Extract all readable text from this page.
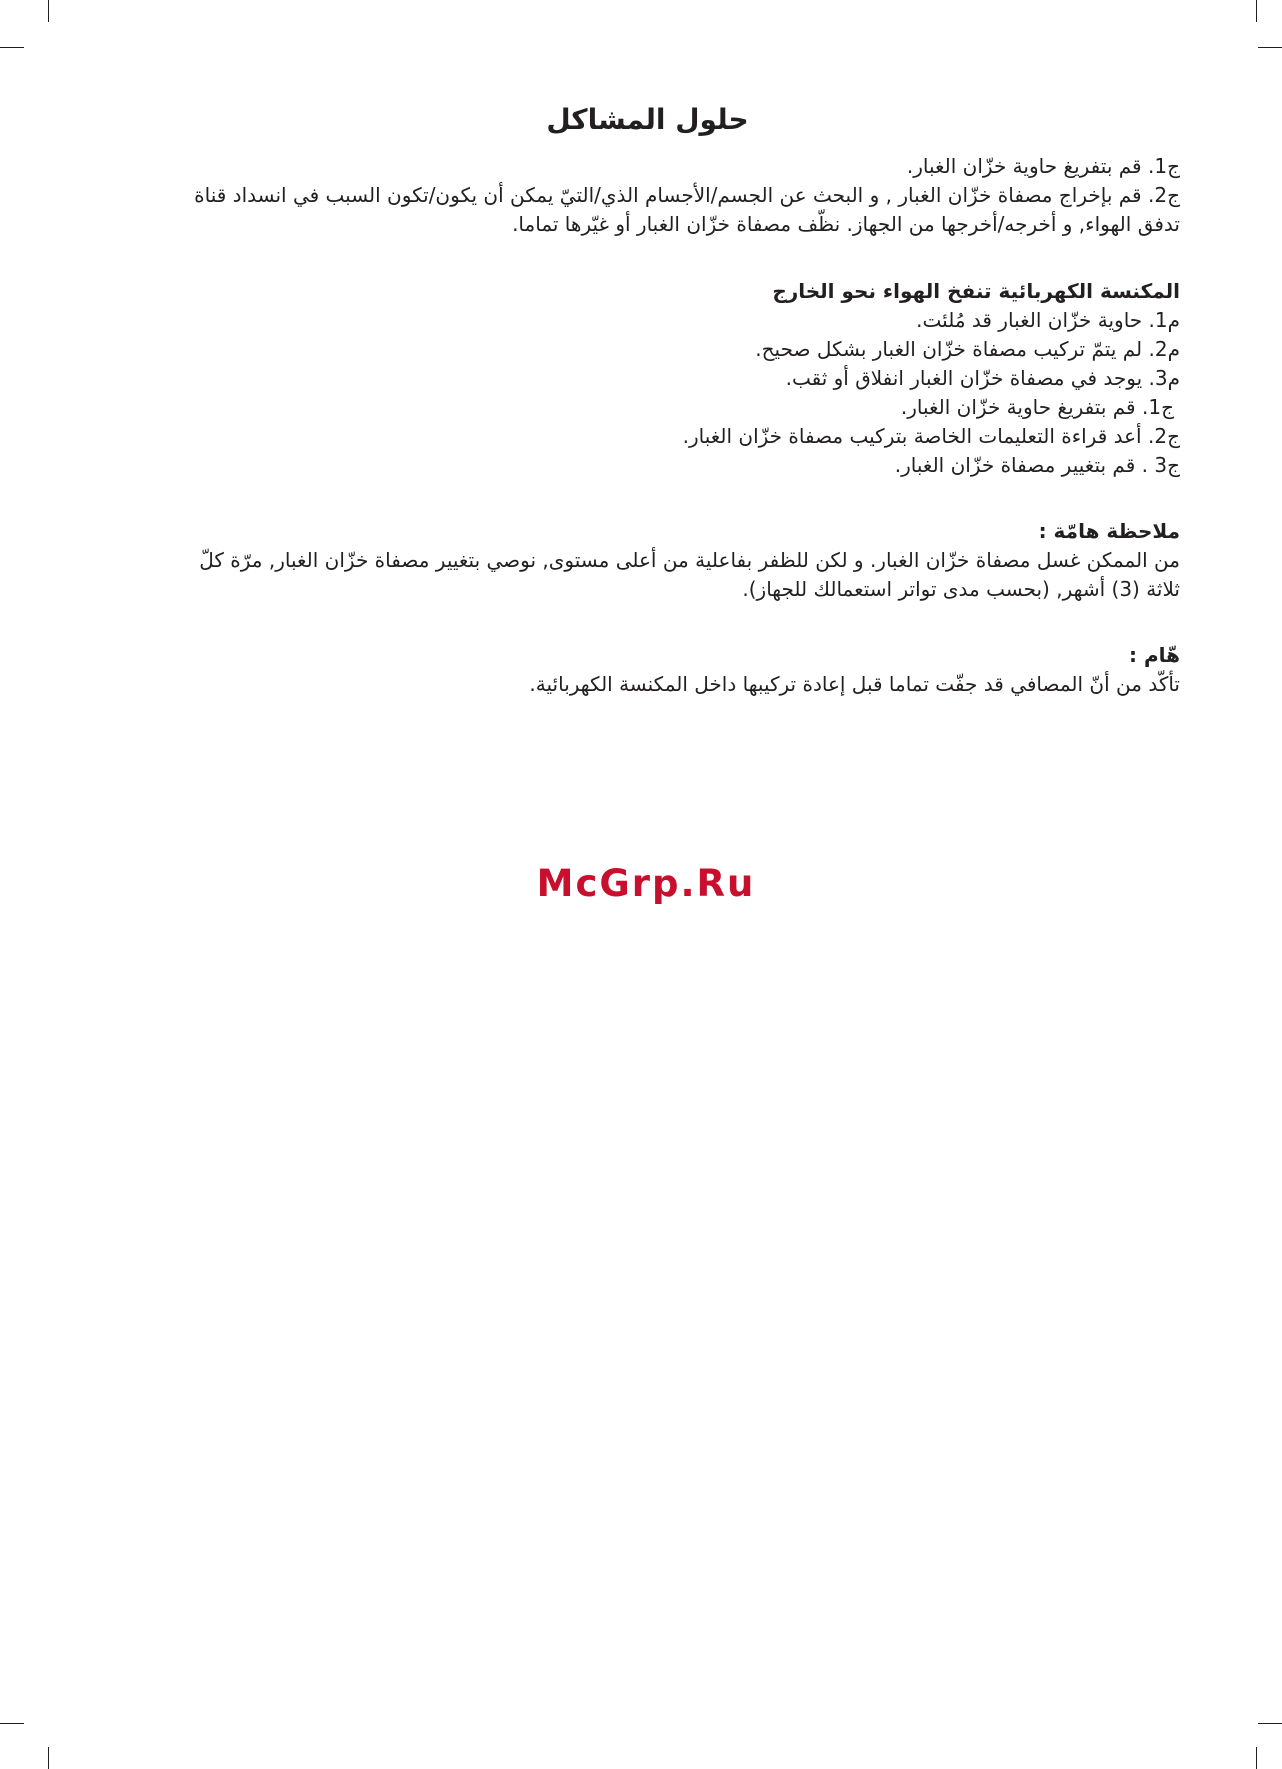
حلول المشاكل

ج1. قم بتفريغ حاوية خزّان الغبار.

ج2. قم بإخراج مصفاة خزّان الغبار , و البحث عن الجسم/الأجسام الذي/التيّ يمكن أن يكون/تكون السبب في انسداد قناة

تدفق الهواء, و أخرجه/أخرجها من الجهاز. نظّف مصفاة خزّان الغبار أو غيّرها تماما.

المكنسة الكهربائية تنفخ الهواء نحو الخارج

م1. حاوية خزّان الغبار قد مُلئت.

م2. لم يتمّ تركيب مصفاة خزّان الغبار بشكل صحيح.

م3. يوجد في مصفاة خزّان الغبار انفلاق أو ثقب.

ج1. قم بتفريغ حاوية خزّان الغبار.

ج2. أعد قراءة التعليمات الخاصة بتركيب مصفاة خزّان الغبار.

ج3 . قم بتغيير مصفاة خزّان الغبار.

ملاحظة هامّة :

من الممكن غسل مصفاة خزّان الغبار. و لكن للظفر بفاعلية من أعلى مستوى, نوصي بتغيير مصفاة خزّان الغبار, مرّة كلّ

ثلاثة (3) أشهر, (بحسب مدى تواتر استعمالك للجهاز).

هّام :

تأكّد من أنّ المصافي قد جفّت تماما قبل إعادة تركيبها داخل المكنسة الكهربائية.

McGrp.Ru
